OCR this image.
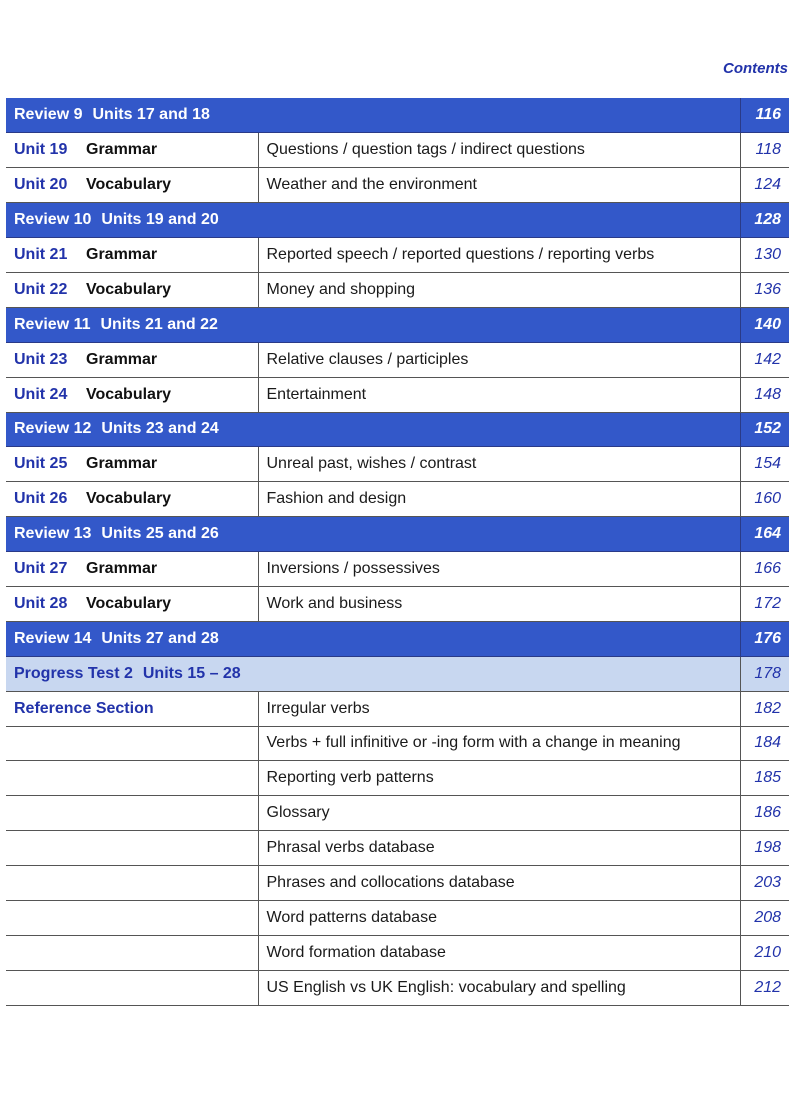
Contents
Review 9 Units 17 and 18		116
Unit 19 Grammar	Questions / question tags / indirect questions	118
Unit 20 Vocabulary	Weather and the environment	124
Review 10 Units 19 and 20		128
Unit 21 Grammar	Reported speech / reported questions / reporting verbs	130
Unit 22 Vocabulary	Money and shopping	136
Review 11 Units 21 and 22		140
Unit 23 Grammar	Relative clauses / participles	142
Unit 24 Vocabulary	Entertainment	148
Review 12 Units 23 and 24		152
Unit 25 Grammar	Unreal past, wishes / contrast	154
Unit 26 Vocabulary	Fashion and design	160
Review 13 Units 25 and 26		164
Unit 27 Grammar	Inversions / possessives	166
Unit 28 Vocabulary	Work and business	172
Review 14 Units 27 and 28		176
Progress Test 2 Units 15 – 28		178
Reference Section	Irregular verbs	182
	Verbs + full infinitive or -ing form with a change in meaning	184
	Reporting verb patterns	185
	Glossary	186
	Phrasal verbs database	198
	Phrases and collocations database	203
	Word patterns database	208
	Word formation database	210
	US English vs UK English: vocabulary and spelling	212
